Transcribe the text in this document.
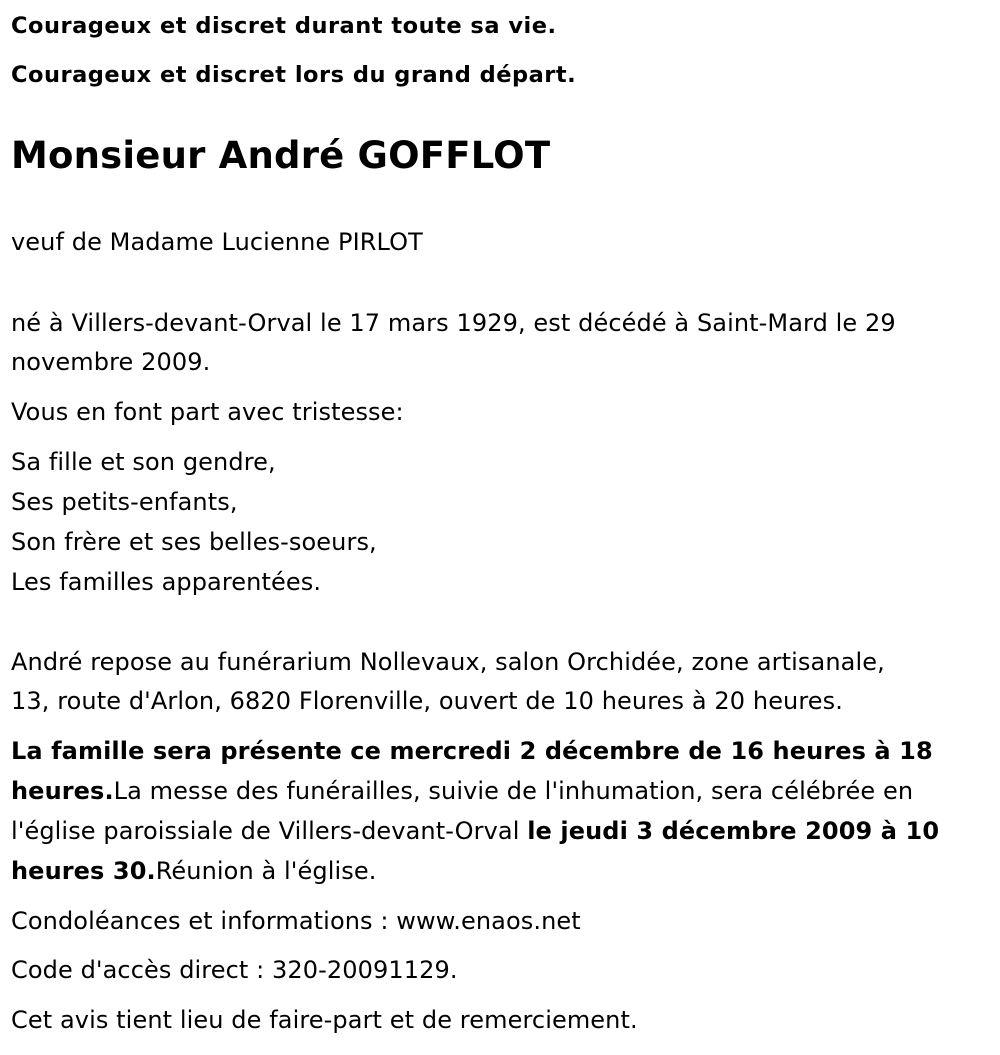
Courageux et discret durant toute sa vie.
Courageux et discret lors du grand départ.
Monsieur André GOFFLOT
veuf de Madame Lucienne PIRLOT
né à Villers-devant-Orval le 17 mars 1929, est décédé à Saint-Mard le 29
novembre 2009.
Vous en font part avec tristesse:
Sa fille et son gendre,
Ses petits-enfants,
Son frère et ses belles-soeurs,
Les familles apparentées.
André repose au funérarium Nollevaux, salon Orchidée, zone artisanale,
13, route d'Arlon, 6820 Florenville, ouvert de 10 heures à 20 heures.
La famille sera présente ce mercredi 2 décembre de 16 heures à 18
heures.La messe des funérailles, suivie de l'inhumation, sera célébrée en
l'église paroissiale de Villers-devant-Orval le jeudi 3 décembre 2009 à 10
heures 30.Réunion à l'église.
Condoléances et informations : www.enaos.net
Code d'accès direct : 320-20091129.
Cet avis tient lieu de faire-part et de remerciement.
